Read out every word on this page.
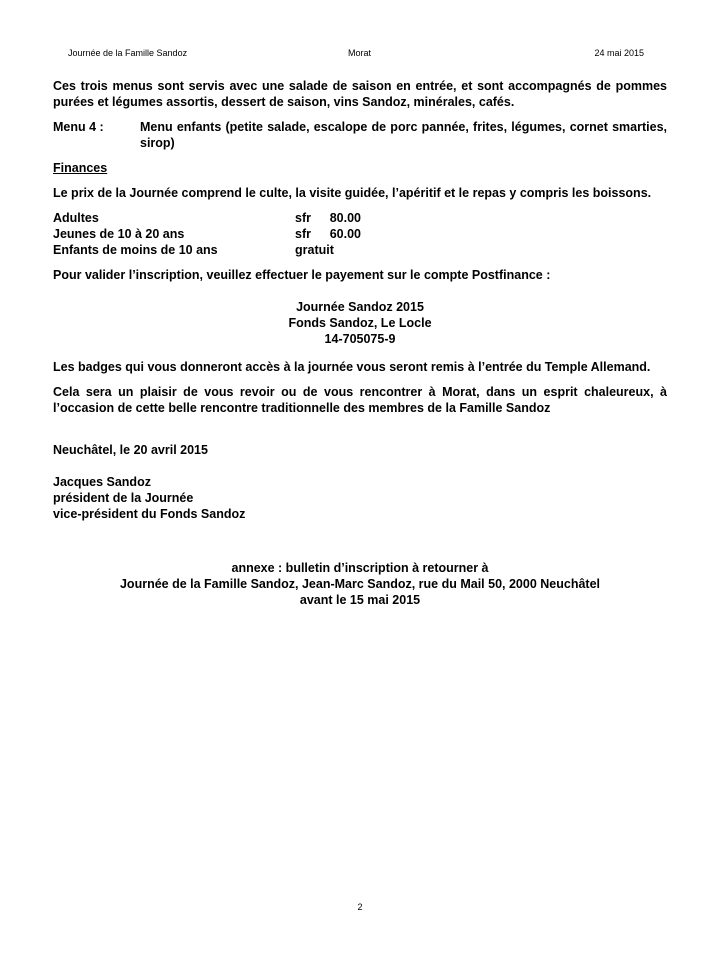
Journée de la Famille Sandoz	Morat	24 mai 2015

Ces trois menus sont servis avec une salade de saison en entrée, et sont accompagnés de pommes purées et légumes assortis, dessert de saison, vins Sandoz, minérales, cafés.

Menu 4 :	Menu enfants (petite salade, escalope de porc pannée, frites, légumes, cornet smarties, sirop)

Finances

Le prix de la Journée comprend le culte, la visite guidée, l’apéritif et le repas y compris les boissons.

Adultes	sfr	80.00
Jeunes de 10 à 20 ans	sfr	60.00
Enfants de moins de 10 ans	gratuit

Pour valider l’inscription, veuillez effectuer le payement sur le compte Postfinance :

Journée Sandoz 2015
Fonds Sandoz, Le Locle
14-705075-9

Les badges qui vous donneront accès à la journée vous seront remis à l’entrée du Temple Allemand.

Cela sera un plaisir de vous revoir ou de vous rencontrer à Morat, dans un esprit chaleureux, à l’occasion de cette belle rencontre traditionnelle des membres de la Famille Sandoz

Neuchâtel, le 20 avril 2015

Jacques Sandoz
président de la Journée
vice-président du Fonds Sandoz
annexe : bulletin d’inscription à retourner à
Journée de la Famille Sandoz, Jean-Marc Sandoz, rue du Mail 50, 2000 Neuchâtel
avant le 15 mai 2015
2
